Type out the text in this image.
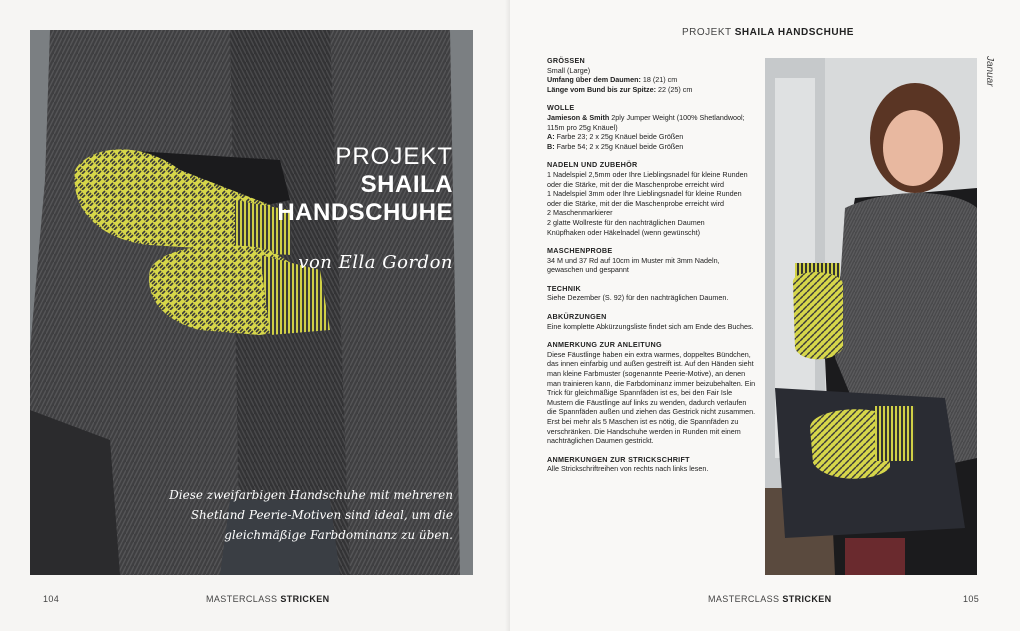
PROJEKT
SHAILA
HANDSCHUHE
von Ella Gordon
Diese zweifarbigen Handschuhe mit mehreren Shetland Peerie-Motiven sind ideal, um die gleichmäßige Farbdominanz zu üben.
104	MASTERCLASS STRICKEN
PROJEKT SHAILA HANDSCHUHE
Januar
GRÖSSEN

Small (Large)

Umfang über dem Daumen: 18 (21) cm

Länge vom Bund bis zur Spitze: 22 (25) cm

WOLLE

Jamieson & Smith 2ply Jumper Weight (100% Shetlandwool; 115m pro 25g Knäuel)

A: Farbe 23; 2 x 25g Knäuel beide Größen

B: Farbe 54; 2 x 25g Knäuel beide Größen

NADELN UND ZUBEHÖR

1 Nadelspiel 2,5mm oder Ihre Lieblingsnadel für kleine Runden oder die Stärke, mit der die Maschenprobe erreicht wird
1 Nadelspiel 3mm oder Ihre Lieblingsnadel für kleine Runden oder die Stärke, mit der die Maschenprobe erreicht wird
2 Maschenmarkierer
2 glatte Wollreste für den nachträglichen Daumen
Knüpfhaken oder Häkelnadel (wenn gewünscht)

MASCHENPROBE

34 M und 37 Rd auf 10cm im Muster mit 3mm Nadeln, gewaschen und gespannt

TECHNIK

Siehe Dezember (S. 92) für den nachträglichen Daumen.

ABKÜRZUNGEN

Eine komplette Abkürzungsliste findet sich am Ende des Buches.

ANMERKUNG ZUR ANLEITUNG

Diese Fäustlinge haben ein extra warmes, doppeltes Bündchen, das innen einfarbig und außen gestreift ist. Auf den Händen sieht man kleine Farbmuster (sogenannte Peerie-Motive), an denen man trainieren kann, die Farbdominanz immer beizubehalten. Ein Trick für gleichmäßige Spannfäden ist es, bei den Fair Isle Mustern die Fäustlinge auf links zu wenden, dadurch verlaufen die Spannfäden außen und ziehen das Gestrick nicht zusammen. Erst bei mehr als 5 Maschen ist es nötig, die Spannfäden zu verschränken. Die Handschuhe werden in Runden mit einem nachträglichen Daumen gestrickt.

ANMERKUNGEN ZUR STRICKSCHRIFT

Alle Strickschriftreihen von rechts nach links lesen.

MASTERCLASS STRICKEN	105
